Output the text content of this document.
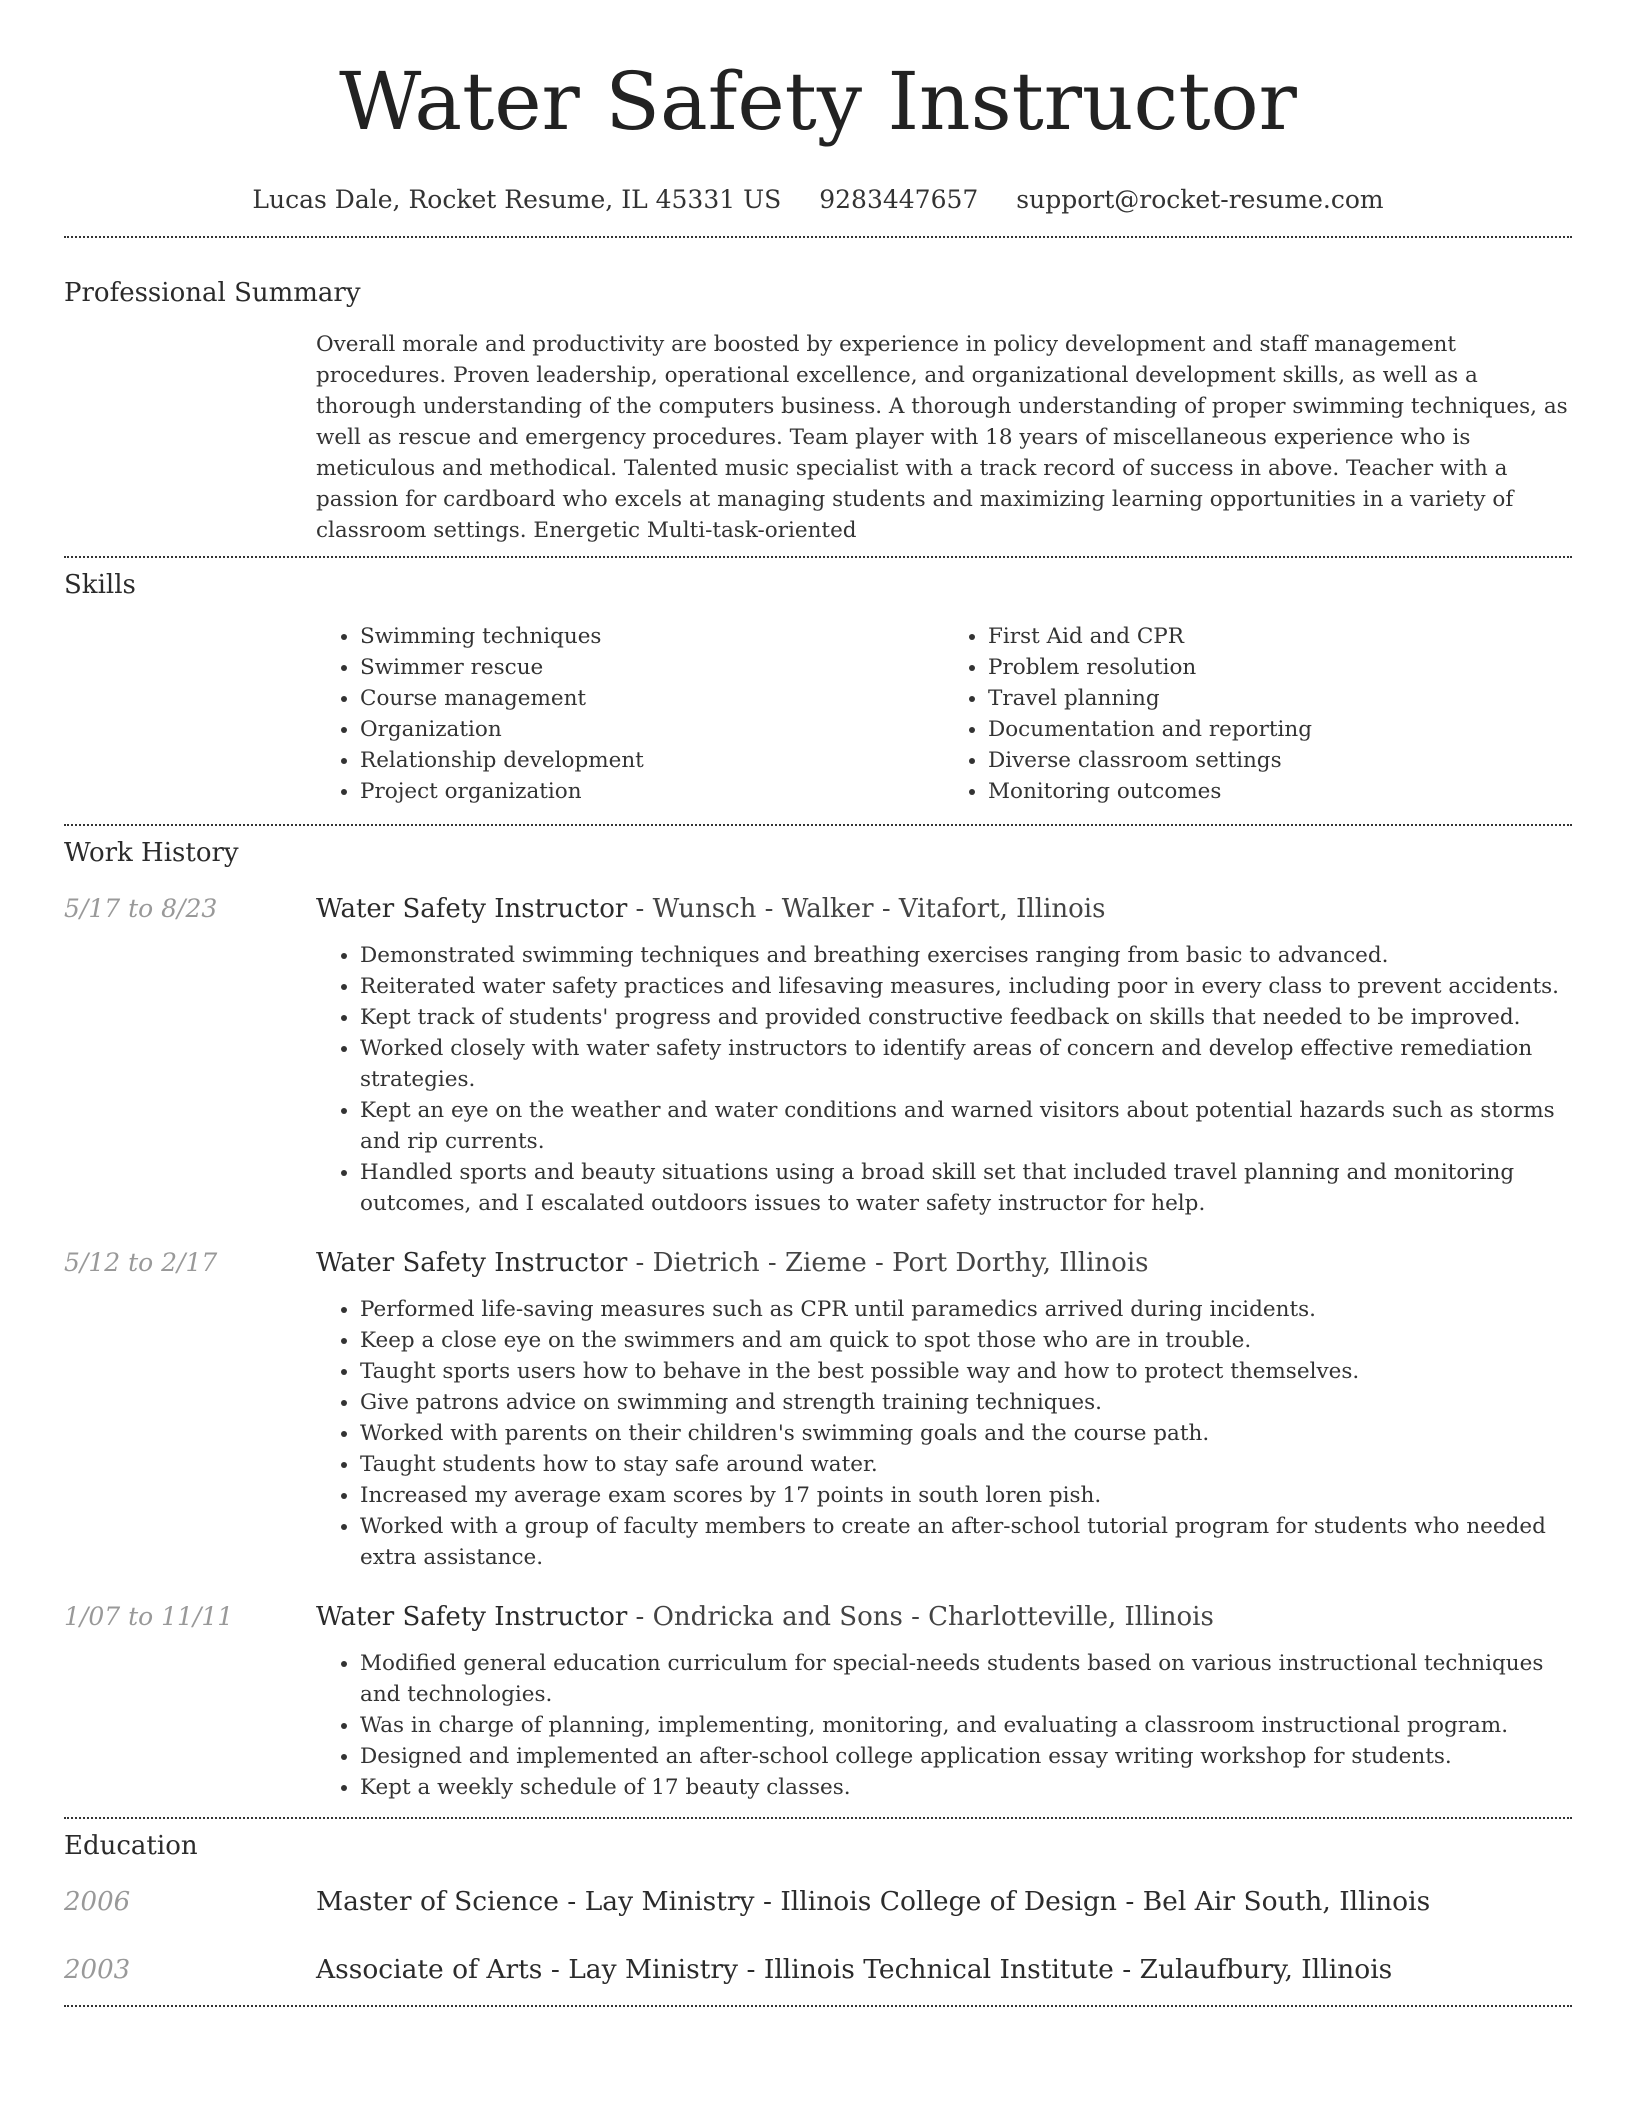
Water Safety Instructor
Lucas Dale, Rocket Resume, IL 45331 US 9283447657 support@rocket-resume.com
Professional Summary
Overall morale and productivity are boosted by experience in policy development and staff management procedures. Proven leadership, operational excellence, and organizational development skills, as well as a thorough understanding of the computers business. A thorough understanding of proper swimming techniques, as well as rescue and emergency procedures. Team player with 18 years of miscellaneous experience who is meticulous and methodical. Talented music specialist with a track record of success in above. Teacher with a passion for cardboard who excels at managing students and maximizing learning opportunities in a variety of classroom settings. Energetic Multi-task-oriented
Skills
• Swimming techniques
• Swimmer rescue
• Course management
• Organization
• Relationship development
• Project organization
• First Aid and CPR
• Problem resolution
• Travel planning
• Documentation and reporting
• Diverse classroom settings
• Monitoring outcomes
Work History
5/17 to 8/23	Water Safety Instructor - Wunsch - Walker - Vitafort, Illinois
• Demonstrated swimming techniques and breathing exercises ranging from basic to advanced.
• Reiterated water safety practices and lifesaving measures, including poor in every class to prevent accidents.
• Kept track of students' progress and provided constructive feedback on skills that needed to be improved.
• Worked closely with water safety instructors to identify areas of concern and develop effective remediation strategies.
• Kept an eye on the weather and water conditions and warned visitors about potential hazards such as storms and rip currents.
• Handled sports and beauty situations using a broad skill set that included travel planning and monitoring outcomes, and I escalated outdoors issues to water safety instructor for help.
5/12 to 2/17	Water Safety Instructor - Dietrich - Zieme - Port Dorthy, Illinois
• Performed life-saving measures such as CPR until paramedics arrived during incidents.
• Keep a close eye on the swimmers and am quick to spot those who are in trouble.
• Taught sports users how to behave in the best possible way and how to protect themselves.
• Give patrons advice on swimming and strength training techniques.
• Worked with parents on their children's swimming goals and the course path.
• Taught students how to stay safe around water.
• Increased my average exam scores by 17 points in south loren pish.
• Worked with a group of faculty members to create an after-school tutorial program for students who needed extra assistance.
1/07 to 11/11	Water Safety Instructor - Ondricka and Sons - Charlotteville, Illinois
• Modified general education curriculum for special-needs students based on various instructional techniques and technologies.
• Was in charge of planning, implementing, monitoring, and evaluating a classroom instructional program.
• Designed and implemented an after-school college application essay writing workshop for students.
• Kept a weekly schedule of 17 beauty classes.
Education
2006	Master of Science - Lay Ministry - Illinois College of Design - Bel Air South, Illinois
2003	Associate of Arts - Lay Ministry - Illinois Technical Institute - Zulaufbury, Illinois
